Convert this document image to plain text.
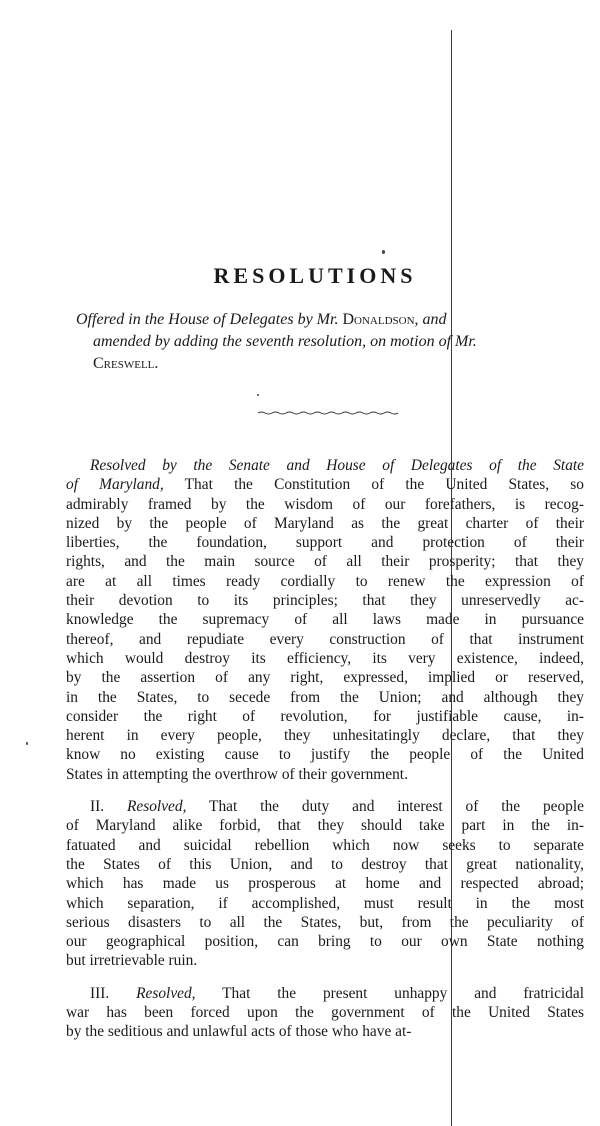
RESOLUTIONS
Offered in the House of Delegates by Mr. Donaldson, and
amended by adding the seventh resolution, on motion of Mr.
Creswell.

Resolved by the Senate and House of Delegates of the State
of Maryland, That the Constitution of the United States, so
admirably framed by the wisdom of our forefathers, is recog-
nized by the people of Maryland as the great charter of their
liberties, the foundation, support and protection of their
rights, and the main source of all their prosperity; that they
are at all times ready cordially to renew the expression of
their devotion to its principles; that they unreservedly ac-
knowledge the supremacy of all laws made in pursuance
thereof, and repudiate every construction of that instrument
which would destroy its efficiency, its very existence, indeed,
by the assertion of any right, expressed, implied or reserved,
in the States, to secede from the Union; and although they
consider the right of revolution, for justifiable cause, in-
herent in every people, they unhesitatingly declare, that they
know no existing cause to justify the people of the United
States in attempting the overthrow of their government.

II. Resolved, That the duty and interest of the people
of Maryland alike forbid, that they should take part in the in-
fatuated and suicidal rebellion which now seeks to separate
the States of this Union, and to destroy that great nationality,
which has made us prosperous at home and respected abroad;
which separation, if accomplished, must result in the most
serious disasters to all the States, but, from the peculiarity of
our geographical position, can bring to our own State nothing
but irretrievable ruin.

III. Resolved, That the present unhappy and fratricidal
war has been forced upon the government of the United States
by the seditious and unlawful acts of those who have at-
